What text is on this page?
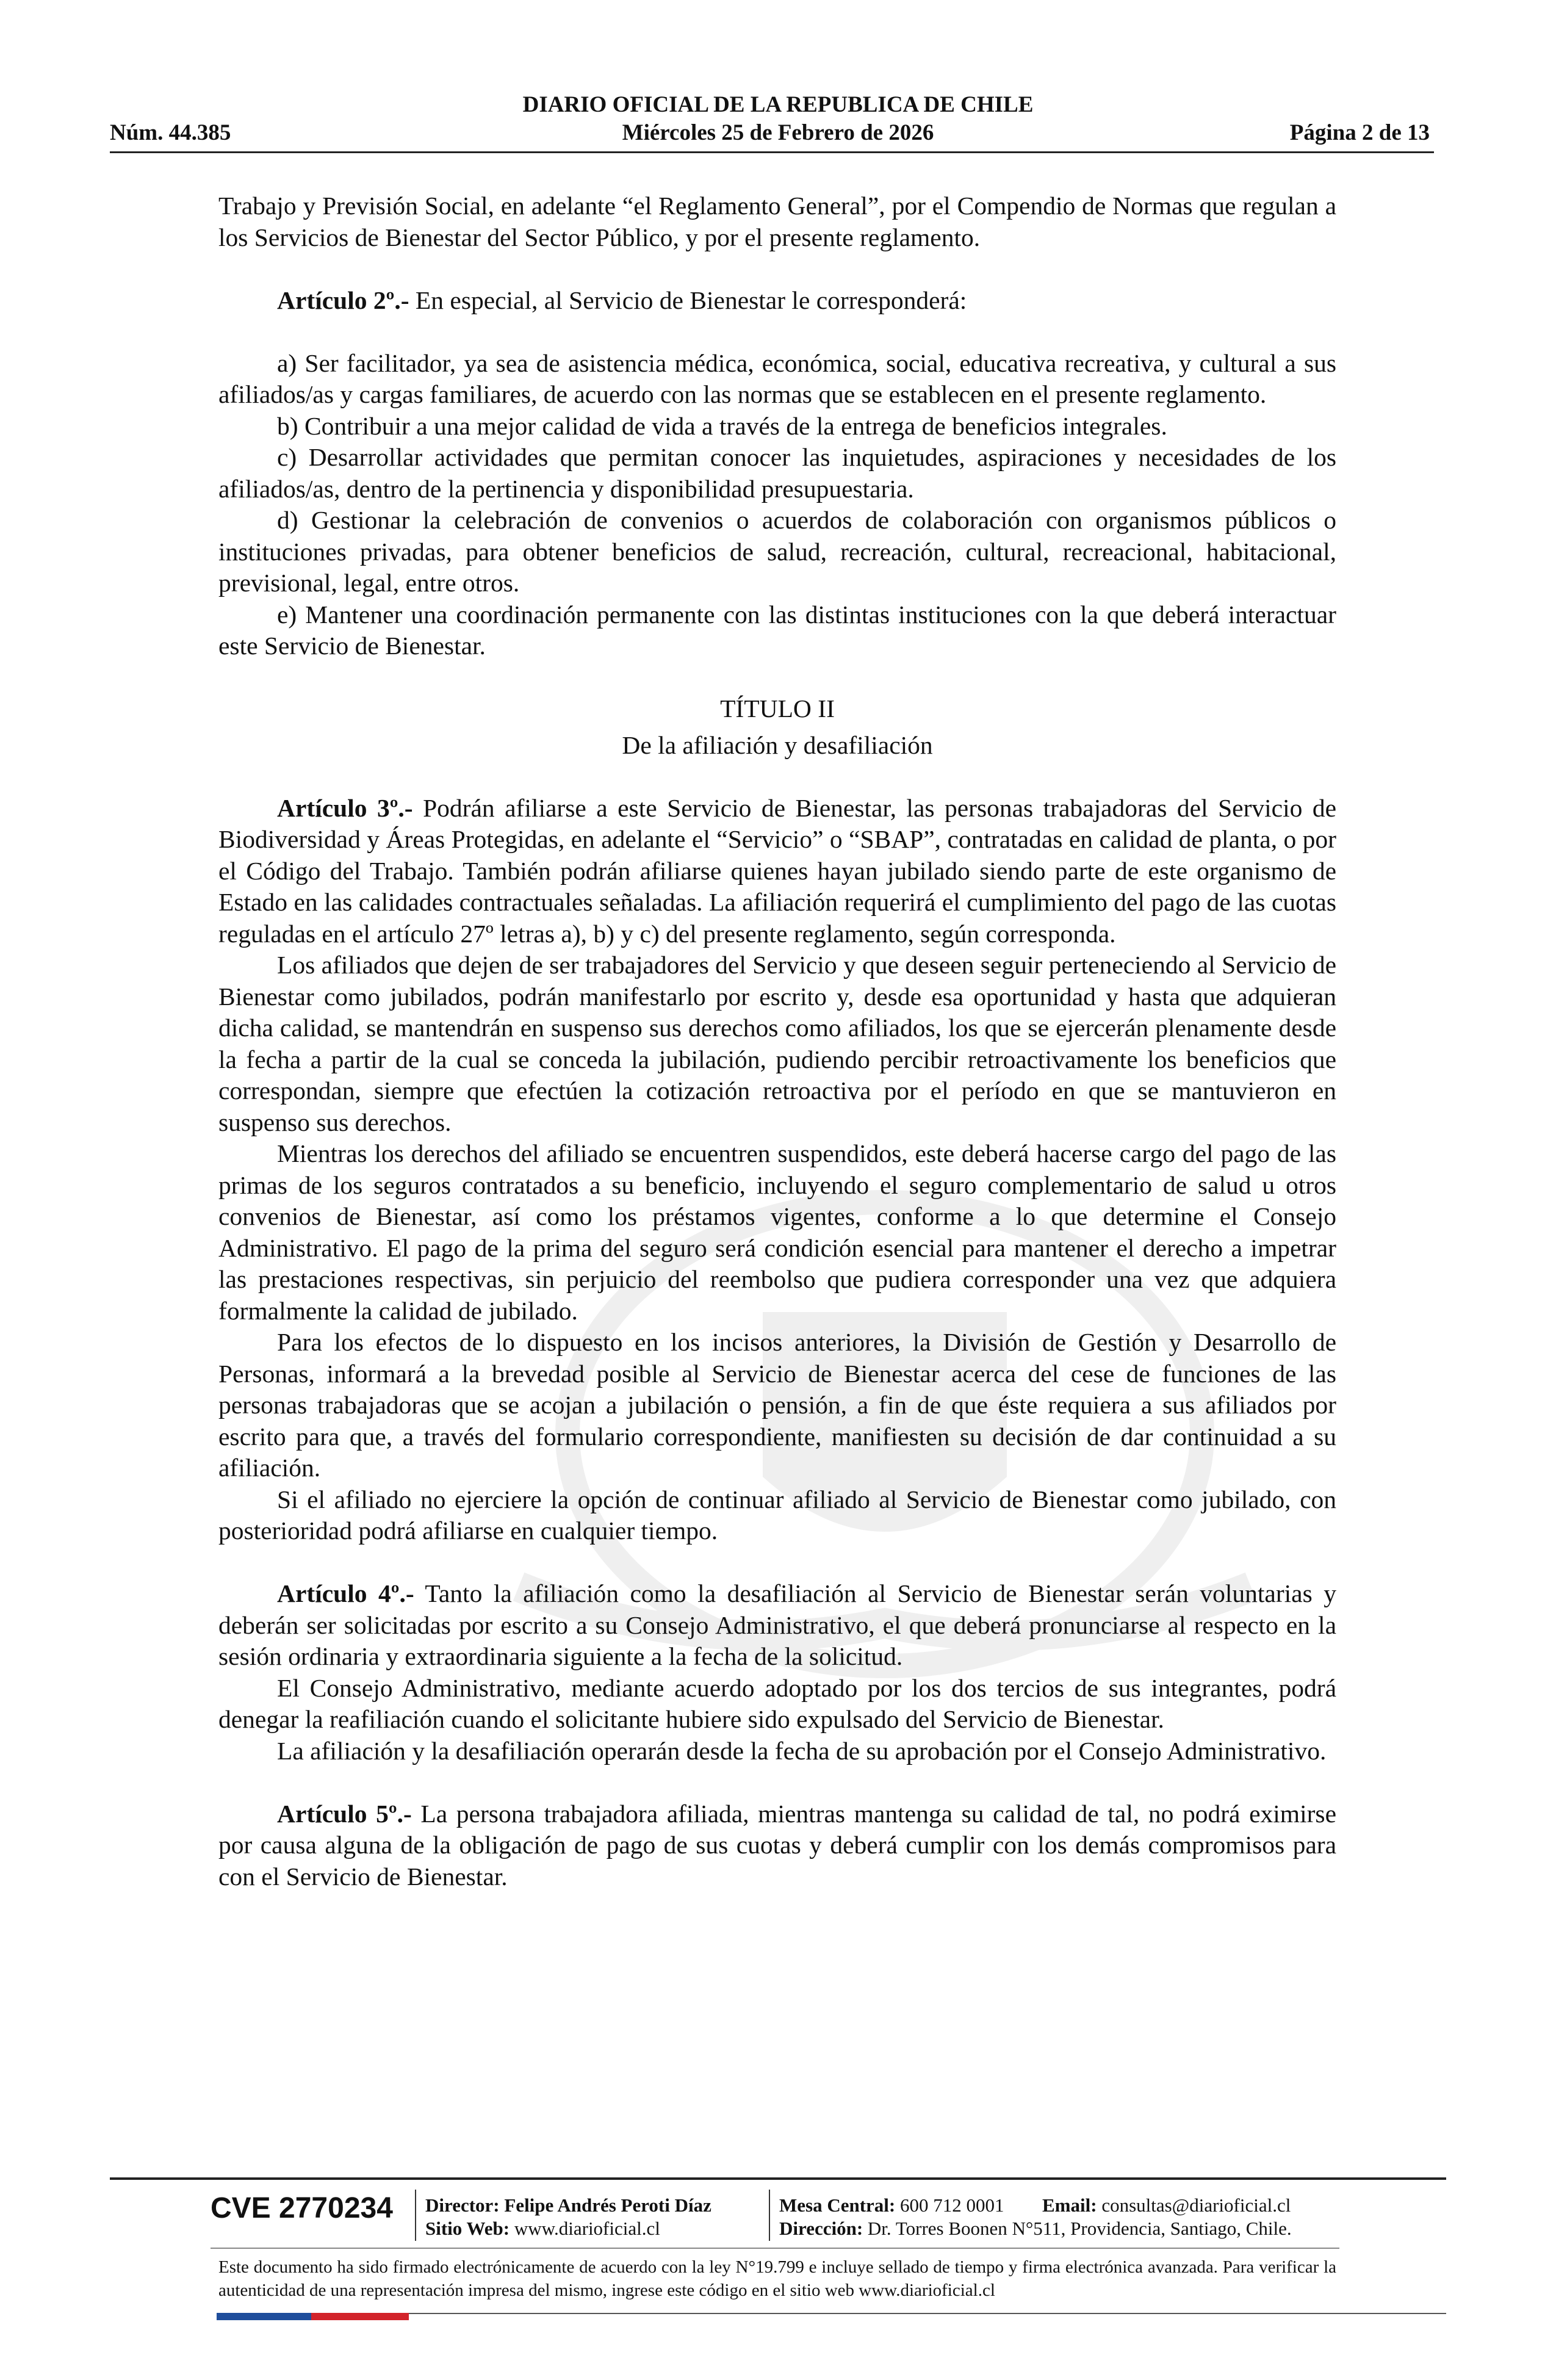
DIARIO OFICIAL DE LA REPUBLICA DE CHILE
Núm. 44.385	Miércoles 25 de Febrero de 2026	Página 2 de 13

Trabajo y Previsión Social, en adelante “el Reglamento General”, por el Compendio de Normas que regulan a los Servicios de Bienestar del Sector Público, y por el presente reglamento.

Artículo 2º.- En especial, al Servicio de Bienestar le corresponderá:

a) Ser facilitador, ya sea de asistencia médica, económica, social, educativa recreativa, y cultural a sus afiliados/as y cargas familiares, de acuerdo con las normas que se establecen en el presente reglamento.

b) Contribuir a una mejor calidad de vida a través de la entrega de beneficios integrales.

c) Desarrollar actividades que permitan conocer las inquietudes, aspiraciones y necesidades de los afiliados/as, dentro de la pertinencia y disponibilidad presupuestaria.

d) Gestionar la celebración de convenios o acuerdos de colaboración con organismos públicos o instituciones privadas, para obtener beneficios de salud, recreación, cultural, recreacional, habitacional, previsional, legal, entre otros.

e) Mantener una coordinación permanente con las distintas instituciones con la que deberá interactuar este Servicio de Bienestar.

TÍTULO II

De la afiliación y desafiliación

Artículo 3º.- Podrán afiliarse a este Servicio de Bienestar, las personas trabajadoras del Servicio de Biodiversidad y Áreas Protegidas, en adelante el “Servicio” o “SBAP”, contratadas en calidad de planta, o por el Código del Trabajo. También podrán afiliarse quienes hayan jubilado siendo parte de este organismo de Estado en las calidades contractuales señaladas. La afiliación requerirá el cumplimiento del pago de las cuotas reguladas en el artículo 27º letras a), b) y c) del presente reglamento, según corresponda.

Los afiliados que dejen de ser trabajadores del Servicio y que deseen seguir perteneciendo al Servicio de Bienestar como jubilados, podrán manifestarlo por escrito y, desde esa oportunidad y hasta que adquieran dicha calidad, se mantendrán en suspenso sus derechos como afiliados, los que se ejercerán plenamente desde la fecha a partir de la cual se conceda la jubilación, pudiendo percibir retroactivamente los beneficios que correspondan, siempre que efectúen la cotización retroactiva por el período en que se mantuvieron en suspenso sus derechos.

Mientras los derechos del afiliado se encuentren suspendidos, este deberá hacerse cargo del pago de las primas de los seguros contratados a su beneficio, incluyendo el seguro complementario de salud u otros convenios de Bienestar, así como los préstamos vigentes, conforme a lo que determine el Consejo Administrativo. El pago de la prima del seguro será condición esencial para mantener el derecho a impetrar las prestaciones respectivas, sin perjuicio del reembolso que pudiera corresponder una vez que adquiera formalmente la calidad de jubilado.

Para los efectos de lo dispuesto en los incisos anteriores, la División de Gestión y Desarrollo de Personas, informará a la brevedad posible al Servicio de Bienestar acerca del cese de funciones de las personas trabajadoras que se acojan a jubilación o pensión, a fin de que éste requiera a sus afiliados por escrito para que, a través del formulario correspondiente, manifiesten su decisión de dar continuidad a su afiliación.

Si el afiliado no ejerciere la opción de continuar afiliado al Servicio de Bienestar como jubilado, con posterioridad podrá afiliarse en cualquier tiempo.

Artículo 4º.- Tanto la afiliación como la desafiliación al Servicio de Bienestar serán voluntarias y deberán ser solicitadas por escrito a su Consejo Administrativo, el que deberá pronunciarse al respecto en la sesión ordinaria y extraordinaria siguiente a la fecha de la solicitud.

El Consejo Administrativo, mediante acuerdo adoptado por los dos tercios de sus integrantes, podrá denegar la reafiliación cuando el solicitante hubiere sido expulsado del Servicio de Bienestar.

La afiliación y la desafiliación operarán desde la fecha de su aprobación por el Consejo Administrativo.

Artículo 5º.- La persona trabajadora afiliada, mientras mantenga su calidad de tal, no podrá eximirse por causa alguna de la obligación de pago de sus cuotas y deberá cumplir con los demás compromisos para con el Servicio de Bienestar.

CVE 2770234 Director: Felipe Andrés Peroti Díaz
Sitio Web: www.diarioficial.cl
Mesa Central: 600 712 0001 Email: consultas@diarioficial.cl
Dirección: Dr. Torres Boonen N°511, Providencia, Santiago, Chile.
Este documento ha sido firmado electrónicamente de acuerdo con la ley N°19.799 e incluye sellado de tiempo y firma electrónica avanzada. Para verificar la autenticidad de una representación impresa del mismo, ingrese este código en el sitio web www.diarioficial.cl
